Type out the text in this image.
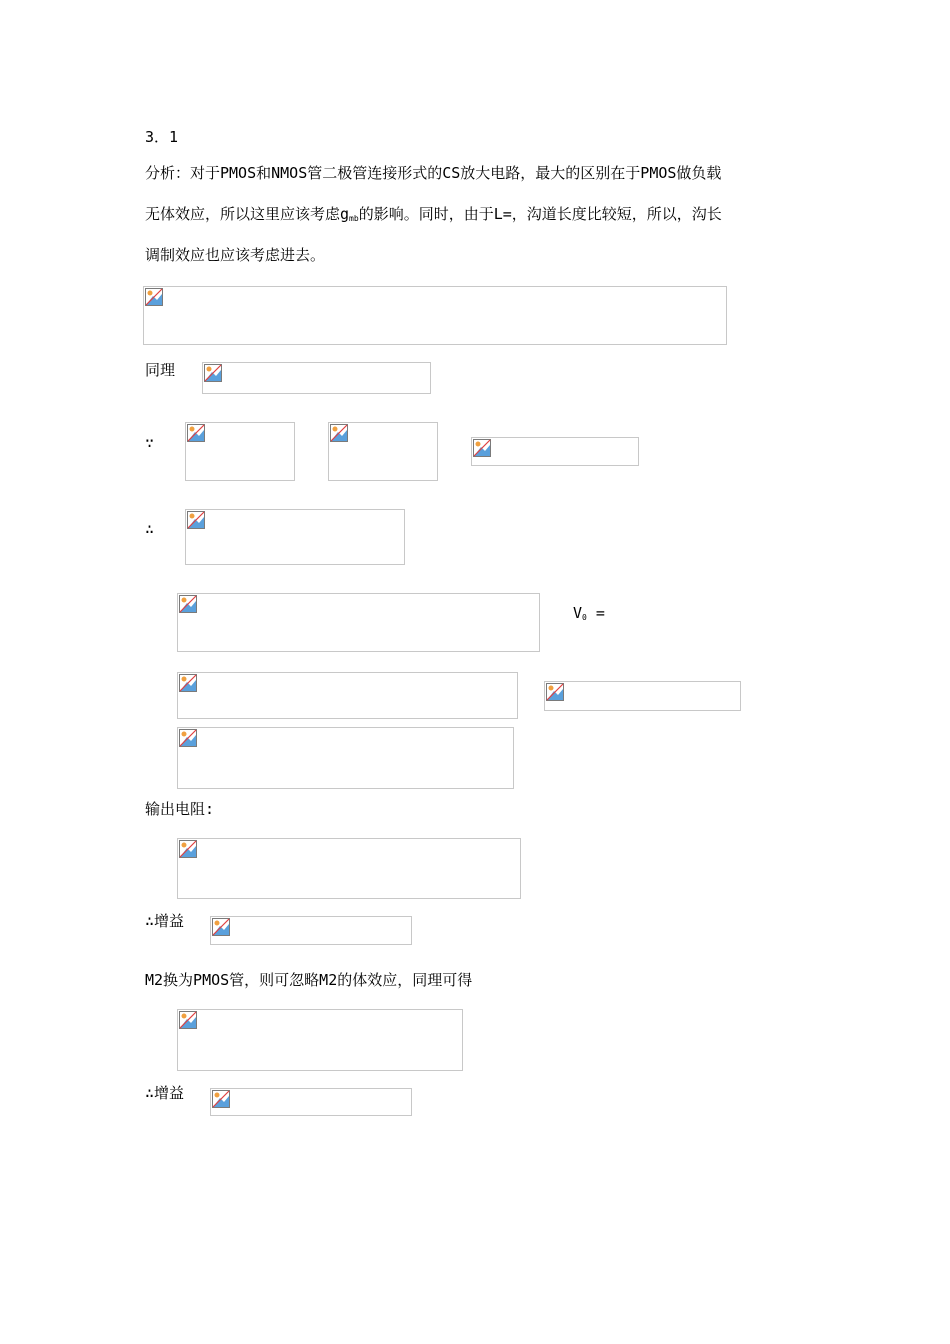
3．1
分析：对于PMOS和NMOS管二极管连接形式的CS放大电路，最大的区别在于PMOS做负载
无体效应，所以这里应该考虑$g_{mb}$的影响。同时，由于L=，沟道长度比较短，所以，沟长
调制效应也应该考虑进去。
同理
∵
∴
$V_0$ =
输出电阻:
∴增益
M2换为PMOS管，则可忽略M2的体效应，同理可得
∴增益
